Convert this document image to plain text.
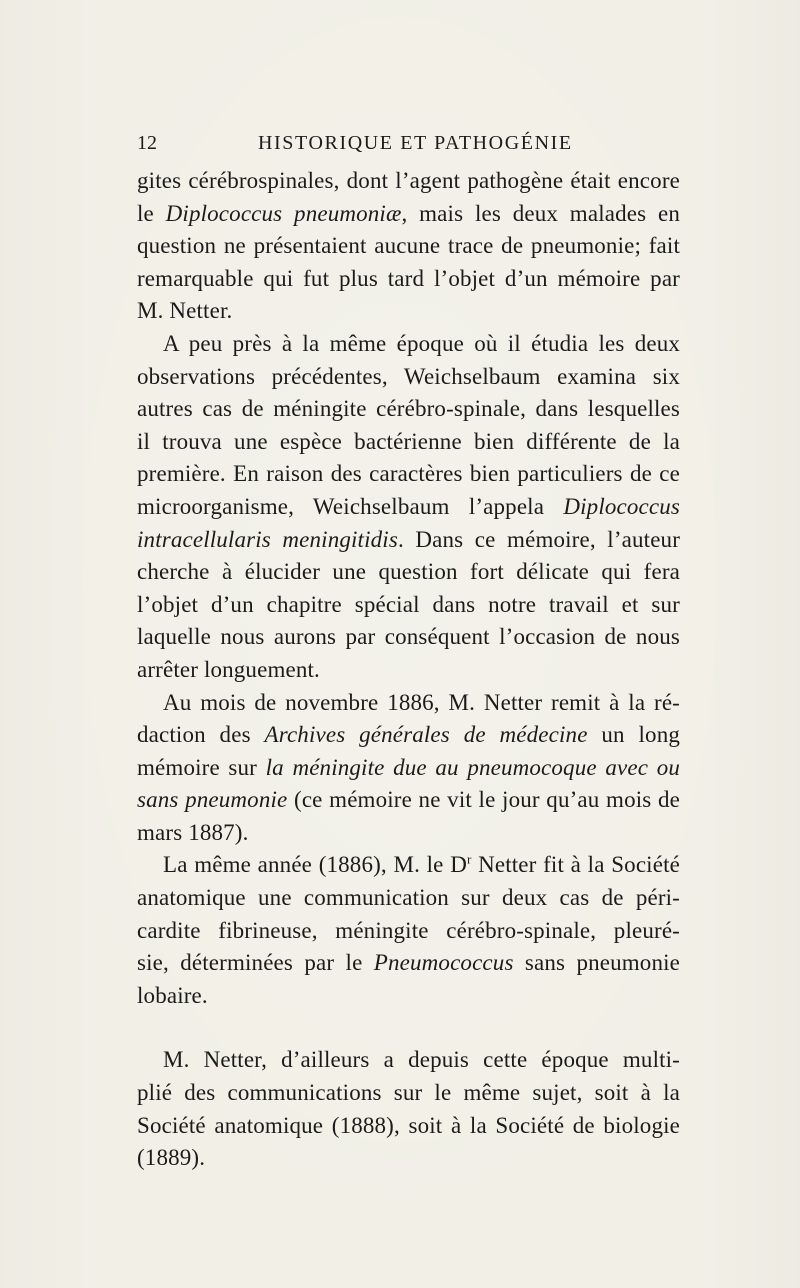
12	HISTORIQUE ET PATHOGÉNIE
gites cérébrospinales, dont l’agent pathogène était encore
le Diplococcus pneumoniæ, mais les deux malades en
question ne présentaient aucune trace de pneumonie; fait
remarquable qui fut plus tard l’objet d’un mémoire par
M. Netter.
A peu près à la même époque où il étudia les deux
observations précédentes, Weichselbaum examina six
autres cas de méningite cérébro-spinale, dans lesquelles
il trouva une espèce bactérienne bien différente de la
première. En raison des caractères bien particuliers de ce
microorganisme, Weichselbaum l’appela Diplococcus
intracellularis meningitidis. Dans ce mémoire, l’auteur
cherche à élucider une question fort délicate qui fera
l’objet d’un chapitre spécial dans notre travail et sur
laquelle nous aurons par conséquent l’occasion de nous
arrêter longuement.
Au mois de novembre 1886, M. Netter remit à la ré-
daction des Archives générales de médecine un long
mémoire sur la méningite due au pneumocoque avec ou
sans pneumonie (ce mémoire ne vit le jour qu’au mois de
mars 1887).
La même année (1886), M. le $D^r$ Netter fit à la Société
anatomique une communication sur deux cas de péri-
cardite fibrineuse, méningite cérébro-spinale, pleuré-
sie, déterminées par le Pneumococcus sans pneumonie
lobaire.
M. Netter, d’ailleurs a depuis cette époque multi-
plié des communications sur le même sujet, soit à la
Société anatomique (1888), soit à la Société de biologie
(1889).
